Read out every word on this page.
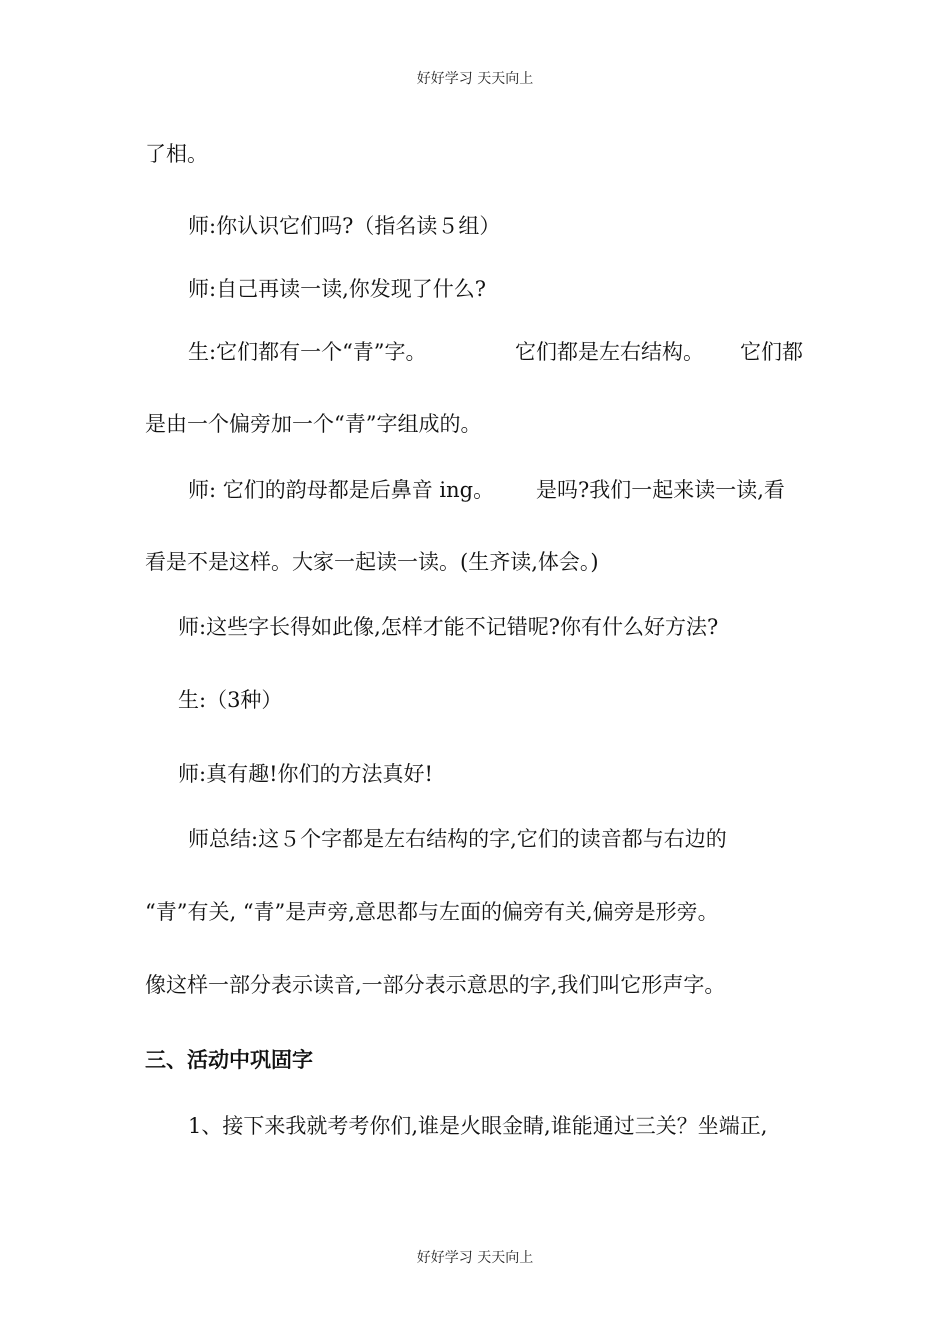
好好学习 天天向上
了相。
师:你认识它们吗?（指名读５组）
师:自己再读一读,你发现了什么?
生:它们都有一个“青”字。	它们都是左右结构。 它们都
是由一个偏旁加一个“青”字组成的。
师: 它们的韵母都是后鼻音 ing。 是吗?我们一起来读一读,看
看是不是这样。大家一起读一读。(生齐读,体会。)
师:这些字长得如此像,怎样才能不记错呢?你有什么好方法?
生:（3种）
师:真有趣!你们的方法真好!
师总结:这５个字都是左右结构的字,它们的读音都与右边的
“青”有关, “青”是声旁,意思都与左面的偏旁有关,偏旁是形旁。
像这样一部分表示读音,一部分表示意思的字,我们叫它形声字。
三、活动中巩固字
1、接下来我就考考你们,谁是火眼金睛,谁能通过三关？坐端正,
好好学习 天天向上
